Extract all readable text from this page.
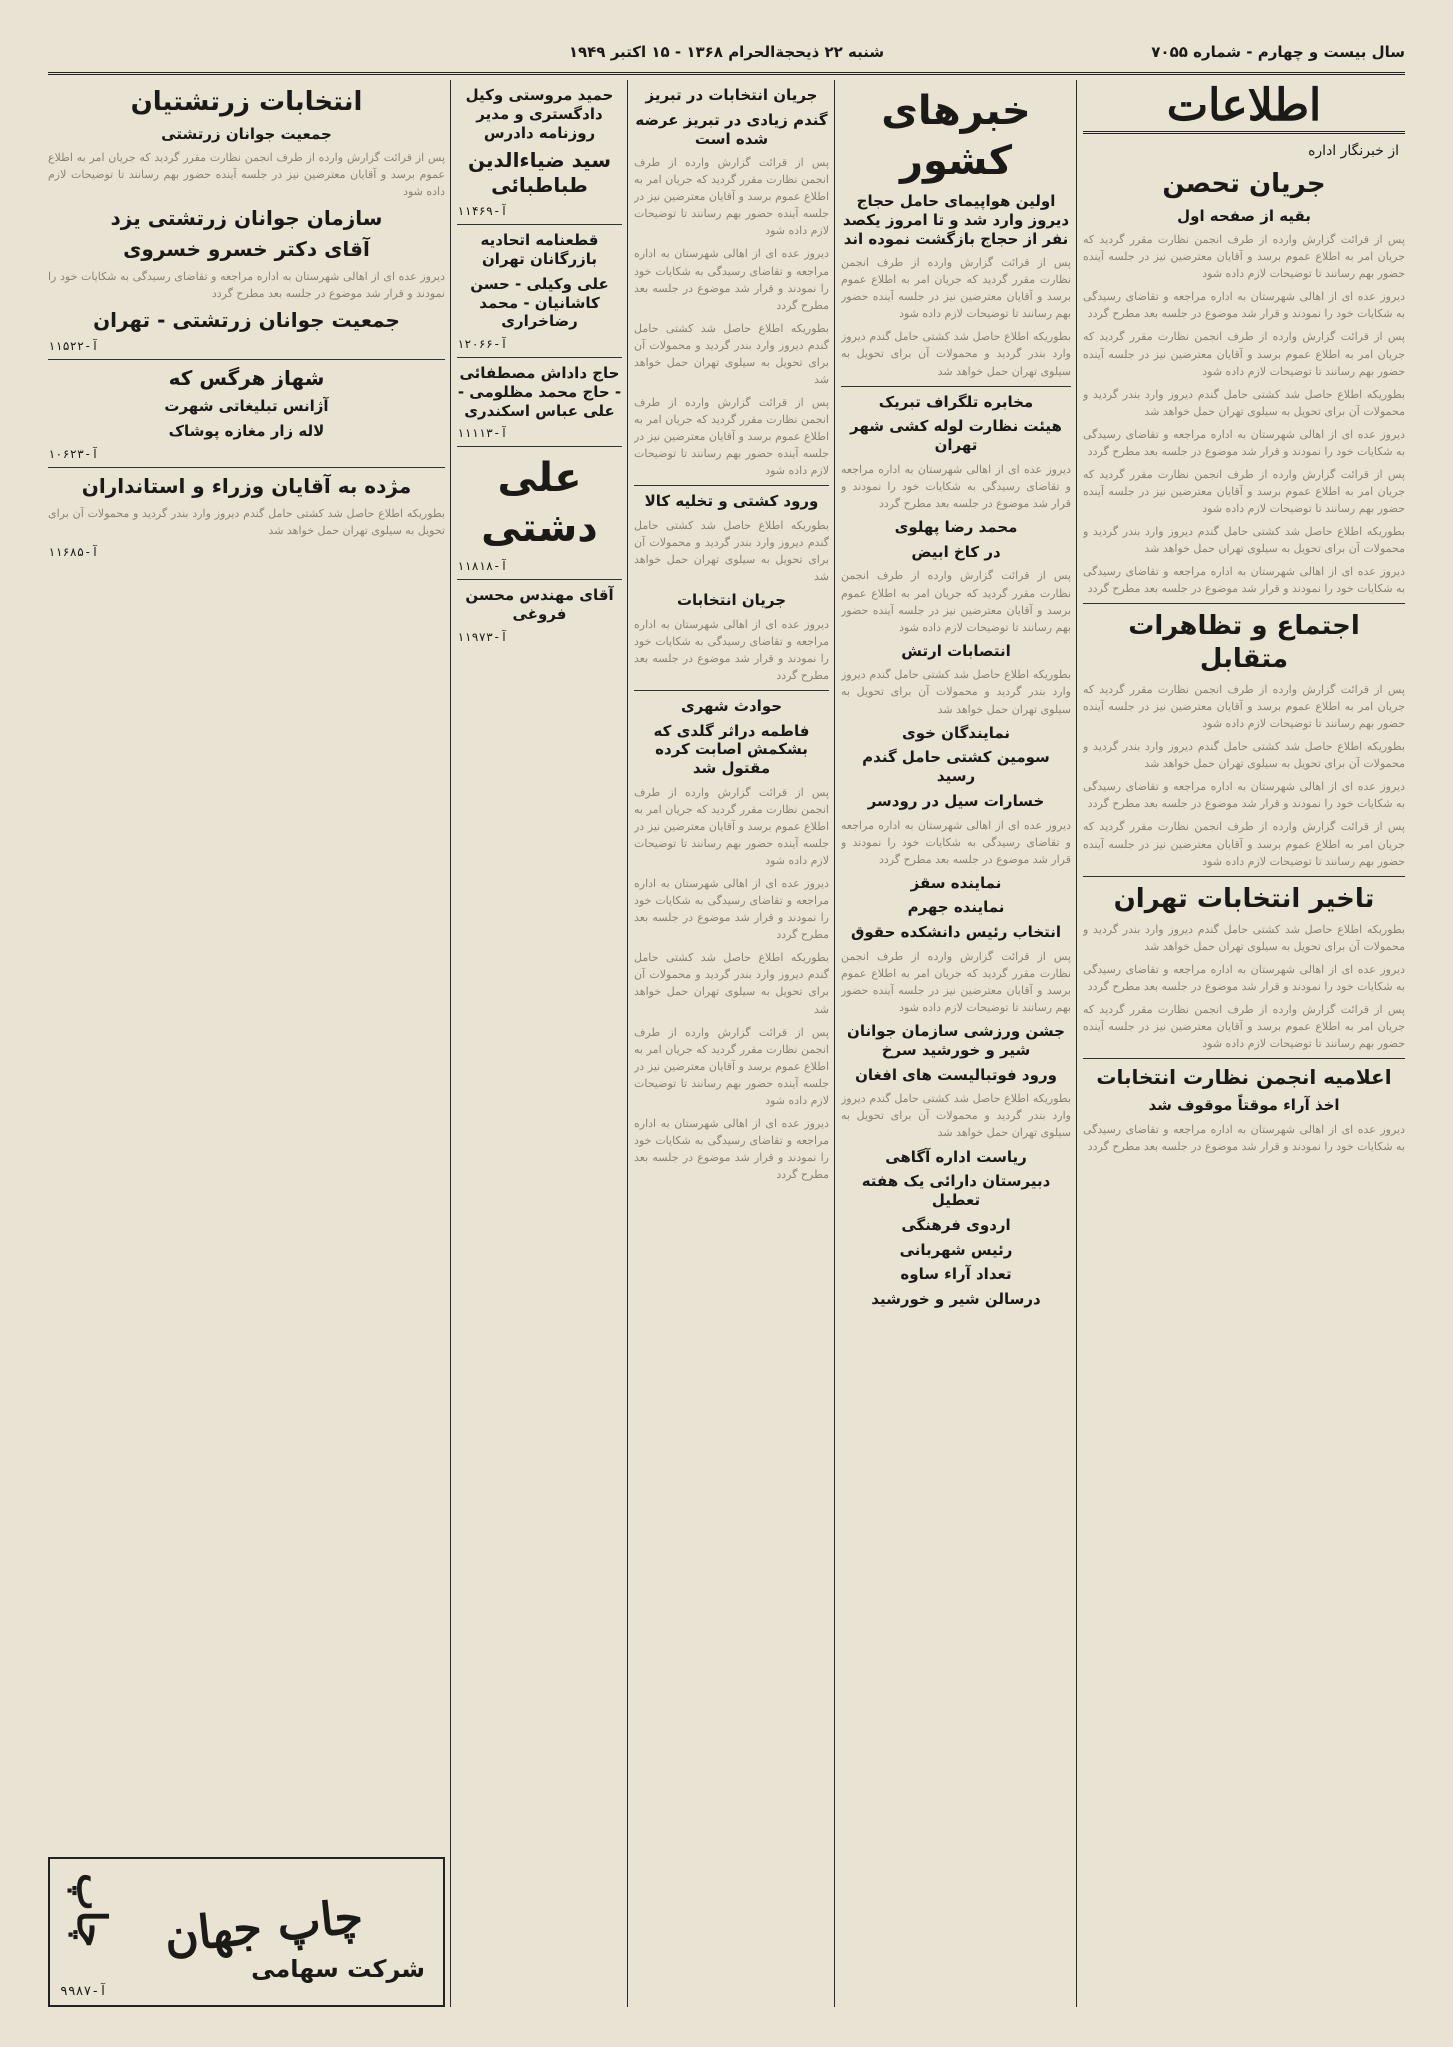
سال بیست و چهارم - شماره ۷۰۵۵
شنبه ۲۲ ذیحجةالحرام ۱۳۶۸ - ۱۵ اکتبر ۱۹۴۹
اطلاعات
از خبرنگار اداره
جریان تحصن
بقیه از صفحه اول

پس از قرائت گزارش وارده از طرف انجمن نظارت مقرر گردید که جریان امر به اطلاع عموم برسد و آقایان معترضین نیز در جلسه آینده حضور بهم رسانند تا توضیحات لازم داده شود

دیروز عده ای از اهالی شهرستان به اداره مراجعه و تقاضای رسیدگی به شکایات خود را نمودند و قرار شد موضوع در جلسه بعد مطرح گردد

پس از قرائت گزارش وارده از طرف انجمن نظارت مقرر گردید که جریان امر به اطلاع عموم برسد و آقایان معترضین نیز در جلسه آینده حضور بهم رسانند تا توضیحات لازم داده شود

بطوریکه اطلاع حاصل شد کشتی حامل گندم دیروز وارد بندر گردید و محمولات آن برای تحویل به سیلوی تهران حمل خواهد شد

دیروز عده ای از اهالی شهرستان به اداره مراجعه و تقاضای رسیدگی به شکایات خود را نمودند و قرار شد موضوع در جلسه بعد مطرح گردد

پس از قرائت گزارش وارده از طرف انجمن نظارت مقرر گردید که جریان امر به اطلاع عموم برسد و آقایان معترضین نیز در جلسه آینده حضور بهم رسانند تا توضیحات لازم داده شود

بطوریکه اطلاع حاصل شد کشتی حامل گندم دیروز وارد بندر گردید و محمولات آن برای تحویل به سیلوی تهران حمل خواهد شد

دیروز عده ای از اهالی شهرستان به اداره مراجعه و تقاضای رسیدگی به شکایات خود را نمودند و قرار شد موضوع در جلسه بعد مطرح گردد

اجتماع و تظاهرات متقابل

پس از قرائت گزارش وارده از طرف انجمن نظارت مقرر گردید که جریان امر به اطلاع عموم برسد و آقایان معترضین نیز در جلسه آینده حضور بهم رسانند تا توضیحات لازم داده شود

بطوریکه اطلاع حاصل شد کشتی حامل گندم دیروز وارد بندر گردید و محمولات آن برای تحویل به سیلوی تهران حمل خواهد شد

دیروز عده ای از اهالی شهرستان به اداره مراجعه و تقاضای رسیدگی به شکایات خود را نمودند و قرار شد موضوع در جلسه بعد مطرح گردد

پس از قرائت گزارش وارده از طرف انجمن نظارت مقرر گردید که جریان امر به اطلاع عموم برسد و آقایان معترضین نیز در جلسه آینده حضور بهم رسانند تا توضیحات لازم داده شود

تاخیر انتخابات تهران

بطوریکه اطلاع حاصل شد کشتی حامل گندم دیروز وارد بندر گردید و محمولات آن برای تحویل به سیلوی تهران حمل خواهد شد

دیروز عده ای از اهالی شهرستان به اداره مراجعه و تقاضای رسیدگی به شکایات خود را نمودند و قرار شد موضوع در جلسه بعد مطرح گردد

پس از قرائت گزارش وارده از طرف انجمن نظارت مقرر گردید که جریان امر به اطلاع عموم برسد و آقایان معترضین نیز در جلسه آینده حضور بهم رسانند تا توضیحات لازم داده شود

اعلامیه انجمن نظارت انتخابات
اخذ آراء موقتاً موقوف شد

دیروز عده ای از اهالی شهرستان به اداره مراجعه و تقاضای رسیدگی به شکایات خود را نمودند و قرار شد موضوع در جلسه بعد مطرح گردد

خبرهای کشور
اولین هواپیمای حامل حجاج دیروز وارد شد و تا امروز یکصد نفر از حجاج بازگشت نموده اند

پس از قرائت گزارش وارده از طرف انجمن نظارت مقرر گردید که جریان امر به اطلاع عموم برسد و آقایان معترضین نیز در جلسه آینده حضور بهم رسانند تا توضیحات لازم داده شود

بطوریکه اطلاع حاصل شد کشتی حامل گندم دیروز وارد بندر گردید و محمولات آن برای تحویل به سیلوی تهران حمل خواهد شد

مخابره تلگراف تبریک
هیئت نظارت لوله کشی شهر تهران

دیروز عده ای از اهالی شهرستان به اداره مراجعه و تقاضای رسیدگی به شکایات خود را نمودند و قرار شد موضوع در جلسه بعد مطرح گردد

محمد رضا پهلوی
در کاخ ابیض

پس از قرائت گزارش وارده از طرف انجمن نظارت مقرر گردید که جریان امر به اطلاع عموم برسد و آقایان معترضین نیز در جلسه آینده حضور بهم رسانند تا توضیحات لازم داده شود

انتصابات ارتش

بطوریکه اطلاع حاصل شد کشتی حامل گندم دیروز وارد بندر گردید و محمولات آن برای تحویل به سیلوی تهران حمل خواهد شد

نمایندگان خوی
سومین کشتی حامل گندم رسید
خسارات سیل در رودسر

دیروز عده ای از اهالی شهرستان به اداره مراجعه و تقاضای رسیدگی به شکایات خود را نمودند و قرار شد موضوع در جلسه بعد مطرح گردد

نماینده سقز
نماینده جهرم
انتخاب رئیس دانشکده حقوق

پس از قرائت گزارش وارده از طرف انجمن نظارت مقرر گردید که جریان امر به اطلاع عموم برسد و آقایان معترضین نیز در جلسه آینده حضور بهم رسانند تا توضیحات لازم داده شود

جشن ورزشی سازمان جوانان شیر و خورشید سرخ
ورود فوتبالیست های افغان

بطوریکه اطلاع حاصل شد کشتی حامل گندم دیروز وارد بندر گردید و محمولات آن برای تحویل به سیلوی تهران حمل خواهد شد

ریاست اداره آگاهی
دبیرستان دارائی یک هفته تعطیل
اردوی فرهنگی
رئیس شهربانی
تعداد آراء ساوه
درسالن شیر و خورشید
جریان انتخابات در تبریز
گندم زیادی در تبریز عرضه شده است

پس از قرائت گزارش وارده از طرف انجمن نظارت مقرر گردید که جریان امر به اطلاع عموم برسد و آقایان معترضین نیز در جلسه آینده حضور بهم رسانند تا توضیحات لازم داده شود

دیروز عده ای از اهالی شهرستان به اداره مراجعه و تقاضای رسیدگی به شکایات خود را نمودند و قرار شد موضوع در جلسه بعد مطرح گردد

بطوریکه اطلاع حاصل شد کشتی حامل گندم دیروز وارد بندر گردید و محمولات آن برای تحویل به سیلوی تهران حمل خواهد شد

پس از قرائت گزارش وارده از طرف انجمن نظارت مقرر گردید که جریان امر به اطلاع عموم برسد و آقایان معترضین نیز در جلسه آینده حضور بهم رسانند تا توضیحات لازم داده شود

ورود کشتی و تخلیه کالا

بطوریکه اطلاع حاصل شد کشتی حامل گندم دیروز وارد بندر گردید و محمولات آن برای تحویل به سیلوی تهران حمل خواهد شد

جریان انتخابات

دیروز عده ای از اهالی شهرستان به اداره مراجعه و تقاضای رسیدگی به شکایات خود را نمودند و قرار شد موضوع در جلسه بعد مطرح گردد

حوادث شهری
فاطمه دراثر گلدی که بشکمش اصابت کرده مقتول شد

پس از قرائت گزارش وارده از طرف انجمن نظارت مقرر گردید که جریان امر به اطلاع عموم برسد و آقایان معترضین نیز در جلسه آینده حضور بهم رسانند تا توضیحات لازم داده شود

دیروز عده ای از اهالی شهرستان به اداره مراجعه و تقاضای رسیدگی به شکایات خود را نمودند و قرار شد موضوع در جلسه بعد مطرح گردد

بطوریکه اطلاع حاصل شد کشتی حامل گندم دیروز وارد بندر گردید و محمولات آن برای تحویل به سیلوی تهران حمل خواهد شد

پس از قرائت گزارش وارده از طرف انجمن نظارت مقرر گردید که جریان امر به اطلاع عموم برسد و آقایان معترضین نیز در جلسه آینده حضور بهم رسانند تا توضیحات لازم داده شود

دیروز عده ای از اهالی شهرستان به اداره مراجعه و تقاضای رسیدگی به شکایات خود را نمودند و قرار شد موضوع در جلسه بعد مطرح گردد

حمید مروستی وکیل دادگستری و مدیر روزنامه دادرس
سید ضیاءالدین طباطبائی
آ-۱۱۴۶۹
قطعنامه اتحادیه بازرگانان تهران
علی وکیلی - حسن کاشانیان - محمد رضاخراری
آ-۱۲۰۶۶
حاج داداش مصطفائی - حاج محمد مظلومی - علی عباس اسکندری
آ-۱۱۱۱۳
علی دشتی
آ-۱۱۸۱۸
آقای مهندس محسن فروغی
آ-۱۱۹۷۳
انتخابات زرتشتیان
جمعیت جوانان زرتشتی

پس از قرائت گزارش وارده از طرف انجمن نظارت مقرر گردید که جریان امر به اطلاع عموم برسد و آقایان معترضین نیز در جلسه آینده حضور بهم رسانند تا توضیحات لازم داده شود

سازمان جوانان زرتشتی یزد
آقای دکتر خسرو خسروی

دیروز عده ای از اهالی شهرستان به اداره مراجعه و تقاضای رسیدگی به شکایات خود را نمودند و قرار شد موضوع در جلسه بعد مطرح گردد

جمعیت جوانان زرتشتی - تهران
آ-۱۱۵۲۲
شهاز هرگس که
آژانس تبلیغاتی شهرت
لاله زار مغازه پوشاک
آ-۱۰۶۲۳
مژده به آقایان وزراء و استانداران

بطوریکه اطلاع حاصل شد کشتی حامل گندم دیروز وارد بندر گردید و محمولات آن برای تحویل به سیلوی تهران حمل خواهد شد

آ-۱۱۶۸۵
چاپ جهان
شرکت سهامی
چاپ
آ-۹۹۸۷
